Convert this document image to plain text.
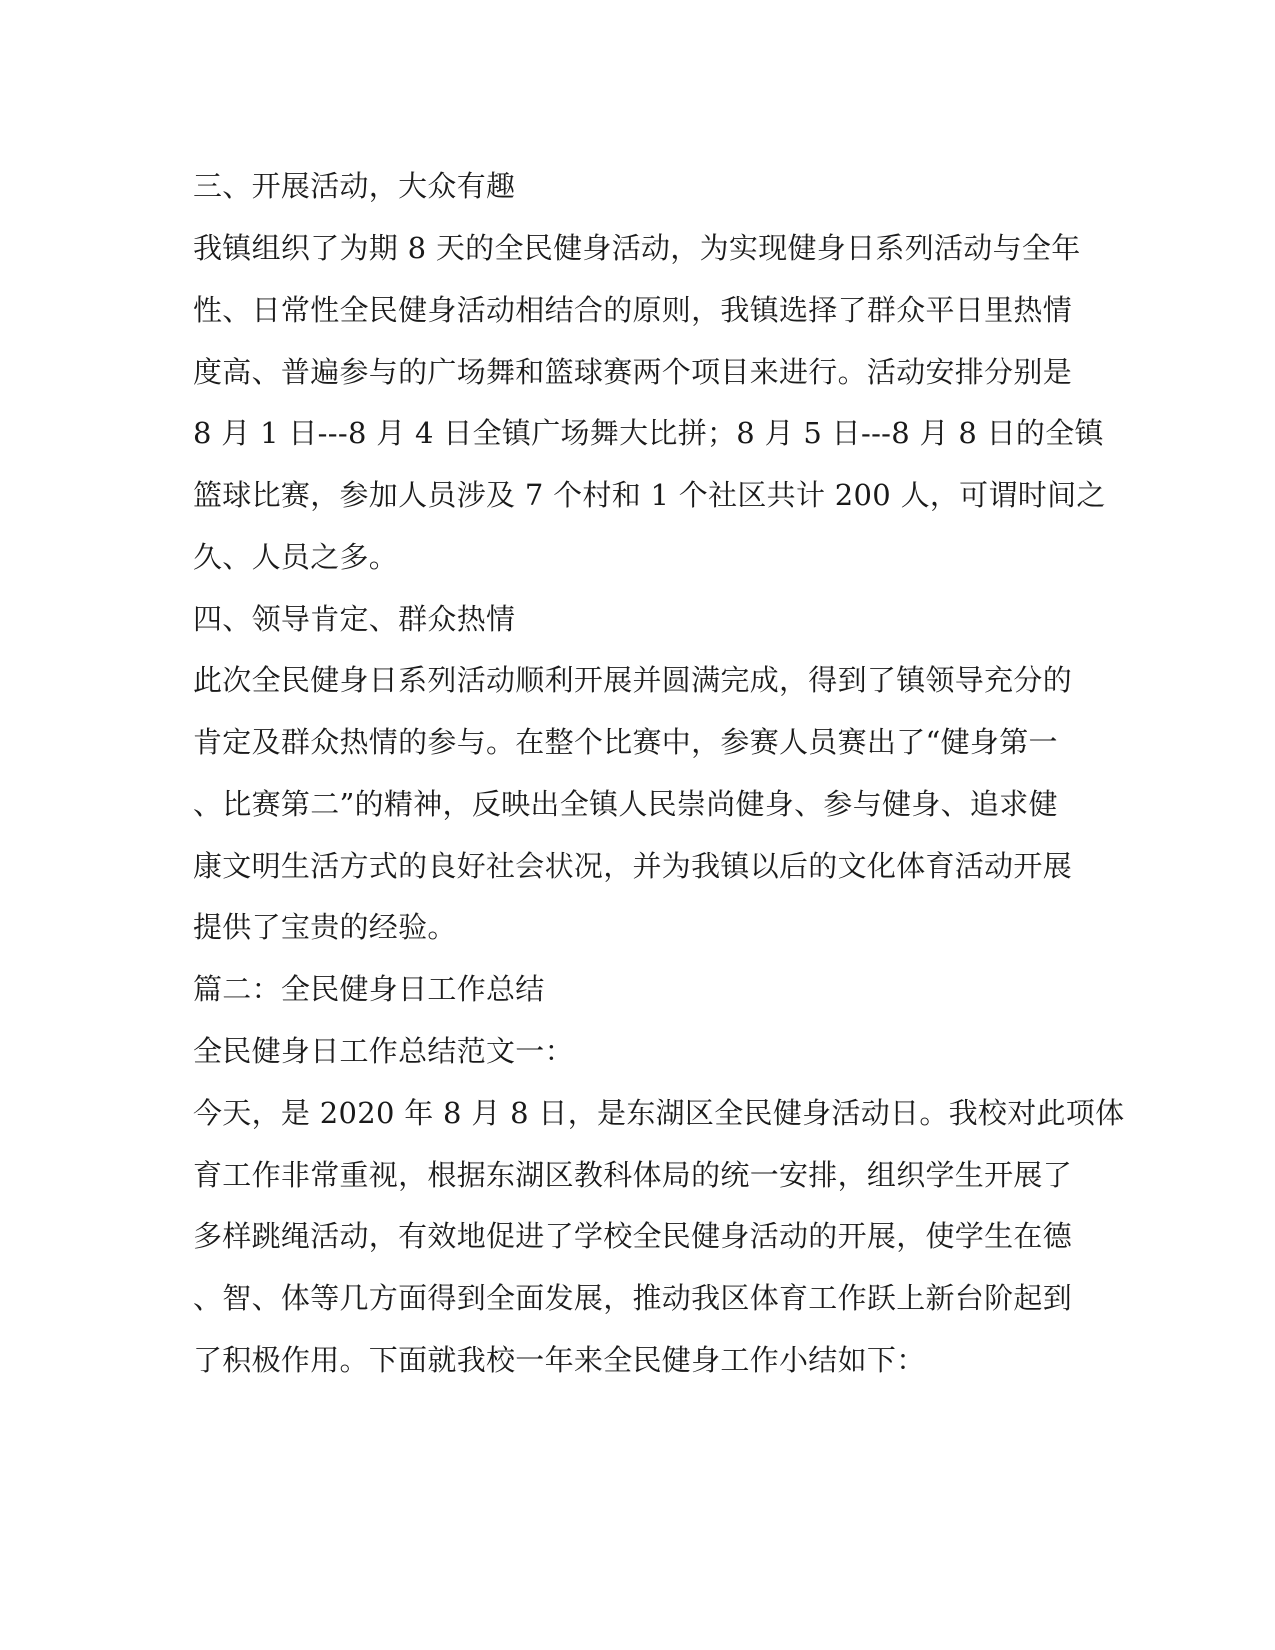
三、开展活动，大众有趣

我镇组织了为期 8 天的全民健身活动，为实现健身日系列活动与全年

性、日常性全民健身活动相结合的原则，我镇选择了群众平日里热情

度高、普遍参与的广场舞和篮球赛两个项目来进行。活动安排分别是

8 月 1 日---8 月 4 日全镇广场舞大比拼；8 月 5 日---8 月 8 日的全镇

篮球比赛，参加人员涉及 7 个村和 1 个社区共计 200 人，可谓时间之

久、人员之多。

四、领导肯定、群众热情

此次全民健身日系列活动顺利开展并圆满完成，得到了镇领导充分的

肯定及群众热情的参与。在整个比赛中，参赛人员赛出了“健身第一

、比赛第二”的精神，反映出全镇人民崇尚健身、参与健身、追求健

康文明生活方式的良好社会状况，并为我镇以后的文化体育活动开展

提供了宝贵的经验。

篇二：全民健身日工作总结

全民健身日工作总结范文一：

今天，是 2020 年 8 月 8 日，是东湖区全民健身活动日。我校对此项体

育工作非常重视，根据东湖区教科体局的统一安排，组织学生开展了

多样跳绳活动，有效地促进了学校全民健身活动的开展，使学生在德

、智、体等几方面得到全面发展，推动我区体育工作跃上新台阶起到

了积极作用。下面就我校一年来全民健身工作小结如下：
